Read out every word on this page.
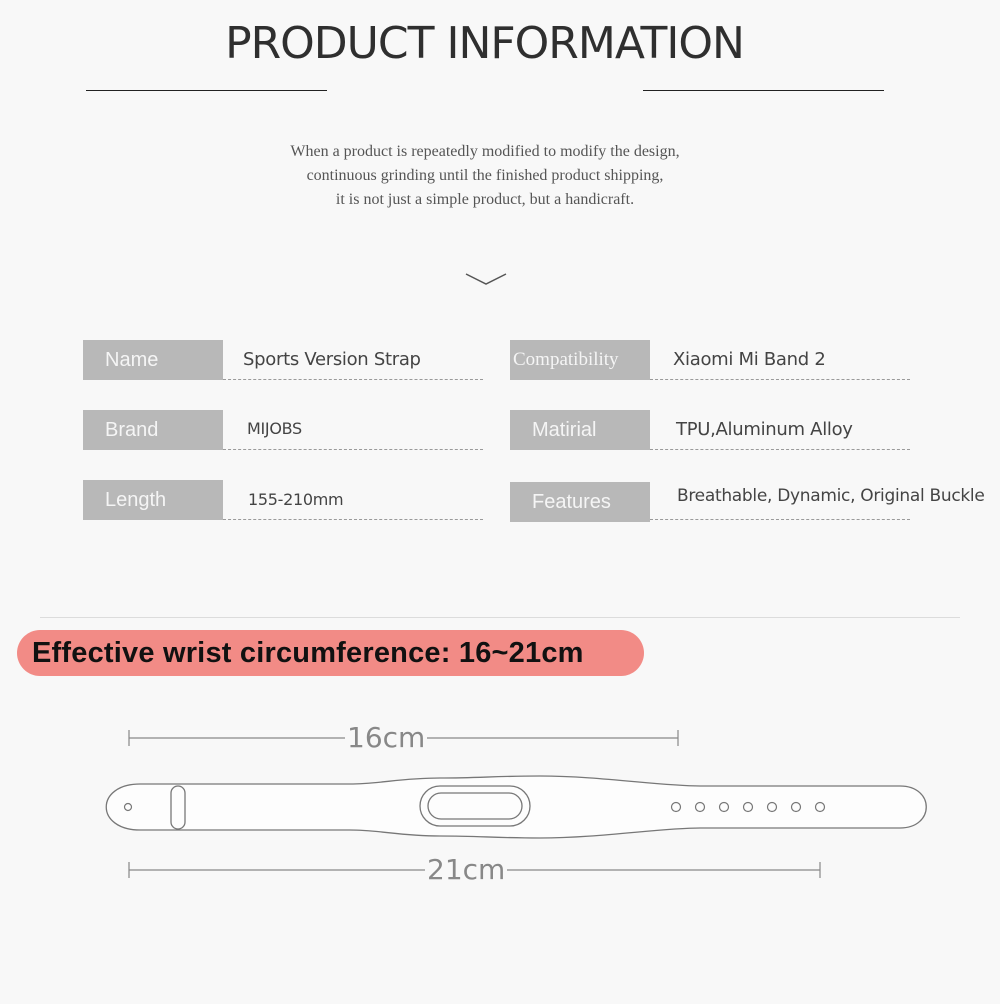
PRODUCT INFORMATION
When a product is repeatedly modified to modify the design,
continuous grinding until the finished product shipping,
it is not just a simple product, but a handicraft.
Name	Sports Version Strap	Compatibility	Xiaomi Mi Band 2
Brand	MIJOBS	Matirial	TPU,Aluminum Alloy
Length	155-210mm	Features	Breathable, Dynamic, Original Buckle
Effective wrist circumference: 16~21cm
16cm
21cm
